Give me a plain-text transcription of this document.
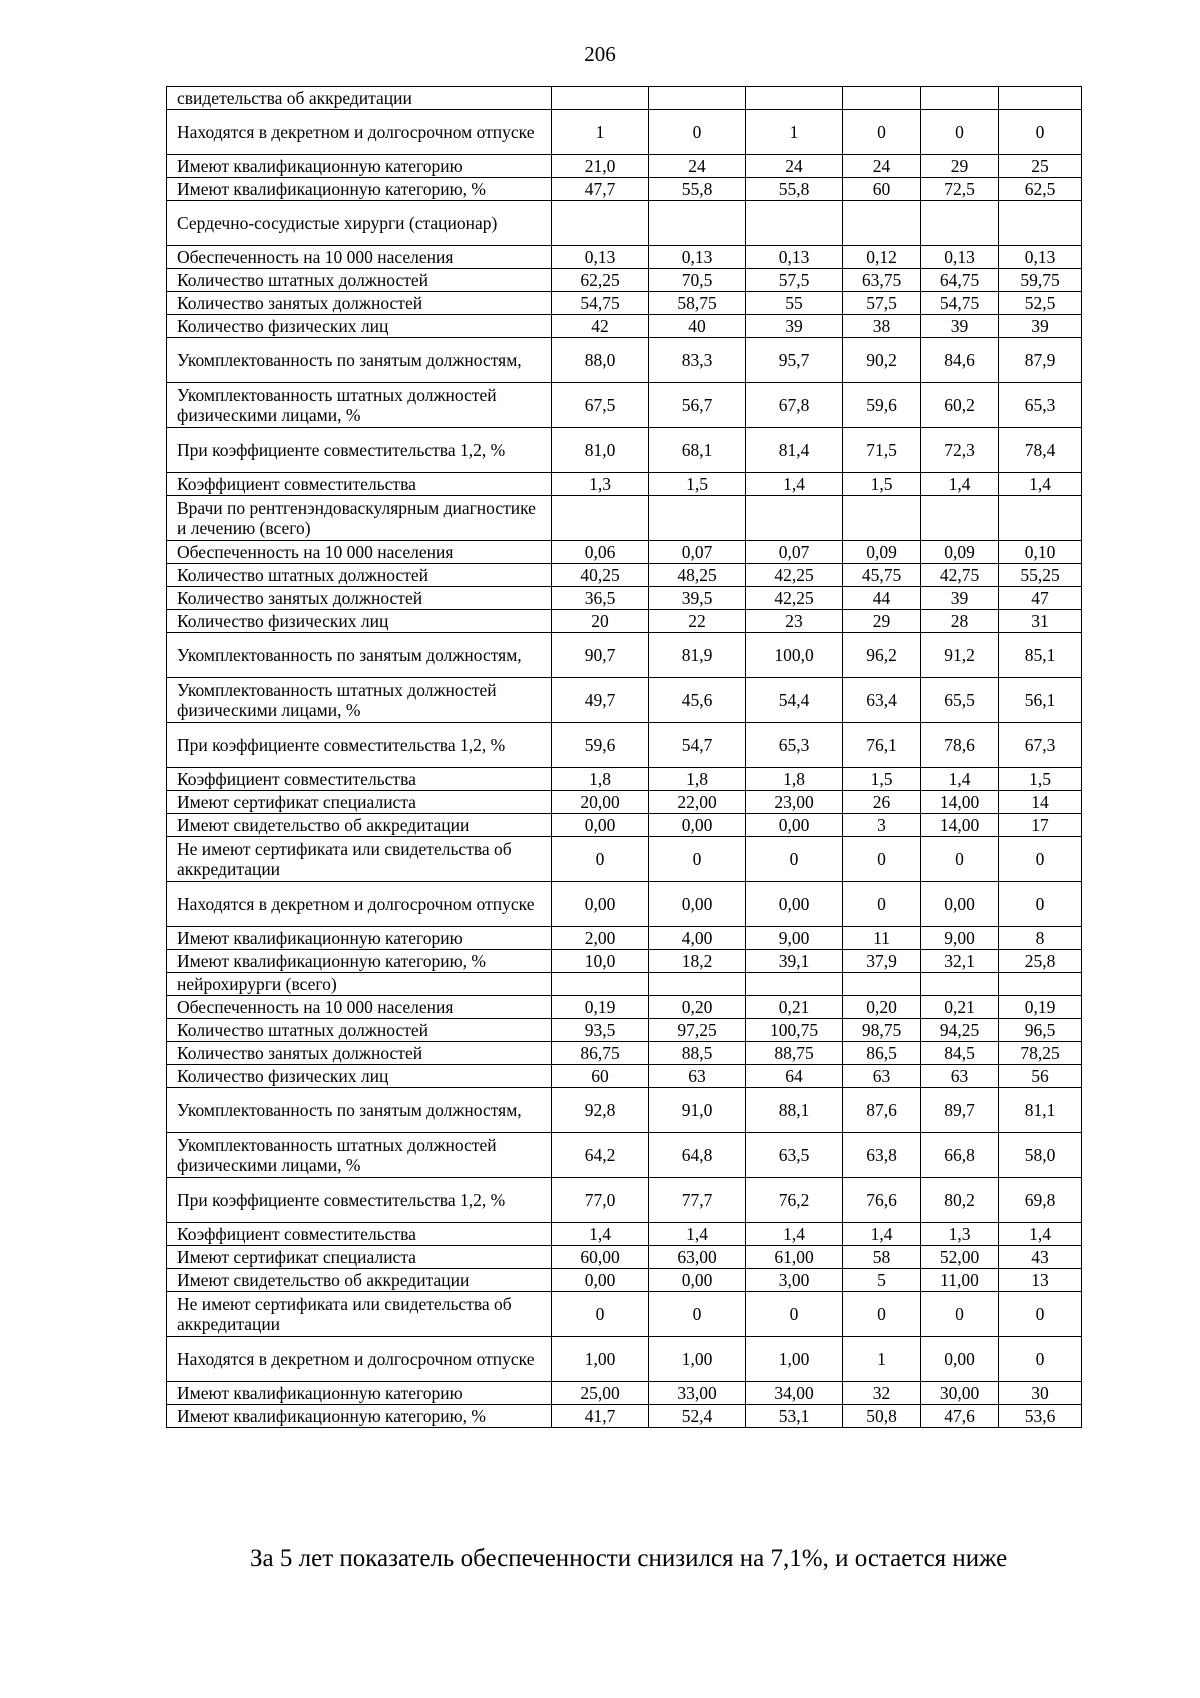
206
свидетельства об аккредитации						
Находятся в декретном и долгосрочном отпуске	1	0	1	0	0	0
Имеют квалификационную категорию	21,0	24	24	24	29	25
Имеют квалификационную категорию, %	47,7	55,8	55,8	60	72,5	62,5
Сердечно-сосудистые хирурги (стационар)						
Обеспеченность на 10 000 населения	0,13	0,13	0,13	0,12	0,13	0,13
Количество штатных должностей	62,25	70,5	57,5	63,75	64,75	59,75
Количество занятых должностей	54,75	58,75	55	57,5	54,75	52,5
Количество физических лиц	42	40	39	38	39	39
Укомплектованность по занятым должностям,	88,0	83,3	95,7	90,2	84,6	87,9
Укомплектованность штатных должностей физическими лицами, %	67,5	56,7	67,8	59,6	60,2	65,3
При коэффициенте совместительства 1,2, %	81,0	68,1	81,4	71,5	72,3	78,4
Коэффициент совместительства	1,3	1,5	1,4	1,5	1,4	1,4
Врачи по рентгенэндоваскулярным диагностике и лечению (всего)						
Обеспеченность на 10 000 населения	0,06	0,07	0,07	0,09	0,09	0,10
Количество штатных должностей	40,25	48,25	42,25	45,75	42,75	55,25
Количество занятых должностей	36,5	39,5	42,25	44	39	47
Количество физических лиц	20	22	23	29	28	31
Укомплектованность по занятым должностям,	90,7	81,9	100,0	96,2	91,2	85,1
Укомплектованность штатных должностей физическими лицами, %	49,7	45,6	54,4	63,4	65,5	56,1
При коэффициенте совместительства 1,2, %	59,6	54,7	65,3	76,1	78,6	67,3
Коэффициент совместительства	1,8	1,8	1,8	1,5	1,4	1,5
Имеют сертификат специалиста	20,00	22,00	23,00	26	14,00	14
Имеют свидетельство об аккредитации	0,00	0,00	0,00	3	14,00	17
Не имеют сертификата или свидетельства об аккредитации	0	0	0	0	0	0
Находятся в декретном и долгосрочном отпуске	0,00	0,00	0,00	0	0,00	0
Имеют квалификационную категорию	2,00	4,00	9,00	11	9,00	8
Имеют квалификационную категорию, %	10,0	18,2	39,1	37,9	32,1	25,8
нейрохирурги (всего)						
Обеспеченность на 10 000 населения	0,19	0,20	0,21	0,20	0,21	0,19
Количество штатных должностей	93,5	97,25	100,75	98,75	94,25	96,5
Количество занятых должностей	86,75	88,5	88,75	86,5	84,5	78,25
Количество физических лиц	60	63	64	63	63	56
Укомплектованность по занятым должностям,	92,8	91,0	88,1	87,6	89,7	81,1
Укомплектованность штатных должностей физическими лицами, %	64,2	64,8	63,5	63,8	66,8	58,0
При коэффициенте совместительства 1,2, %	77,0	77,7	76,2	76,6	80,2	69,8
Коэффициент совместительства	1,4	1,4	1,4	1,4	1,3	1,4
Имеют сертификат специалиста	60,00	63,00	61,00	58	52,00	43
Имеют свидетельство об аккредитации	0,00	0,00	3,00	5	11,00	13
Не имеют сертификата или свидетельства об аккредитации	0	0	0	0	0	0
Находятся в декретном и долгосрочном отпуске	1,00	1,00	1,00	1	0,00	0
Имеют квалификационную категорию	25,00	33,00	34,00	32	30,00	30
Имеют квалификационную категорию, %	41,7	52,4	53,1	50,8	47,6	53,6
За 5 лет показатель обеспеченности снизился на 7,1%, и остается ниже
